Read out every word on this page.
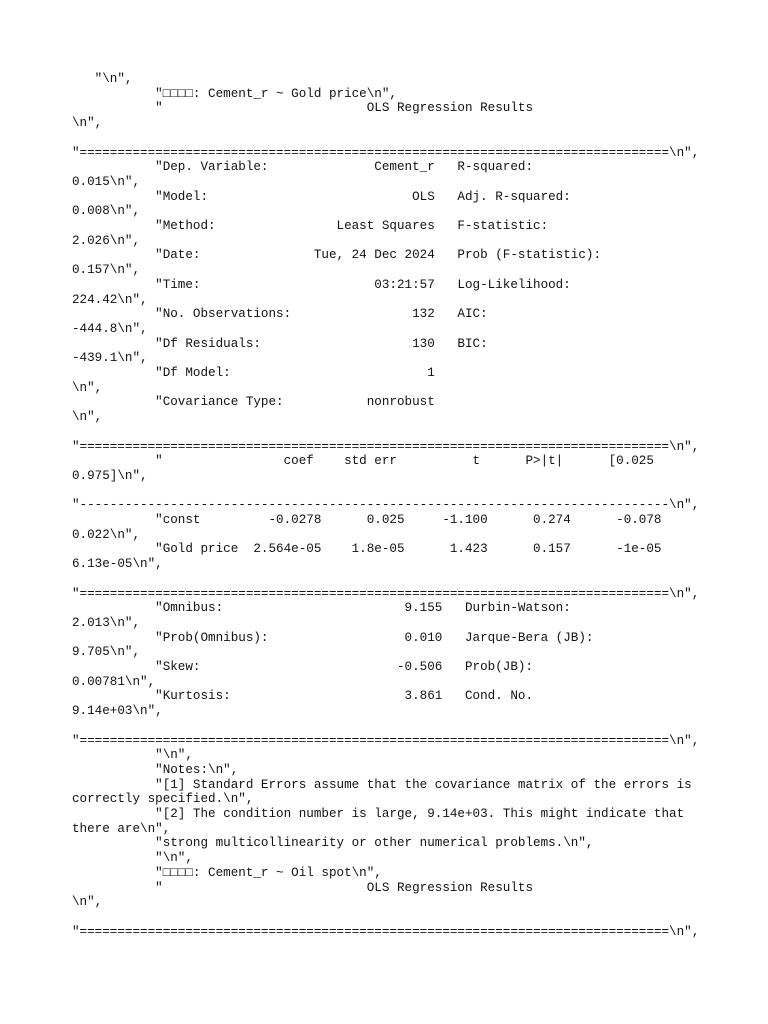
"\n",
"□□□□: Cement_r ~ Gold price\n",
"                           OLS Regression Results
\n",
"==============================================================================\n",
"Dep. Variable:              Cement_r   R-squared:
0.015\n",
"Model:                           OLS   Adj. R-squared:
0.008\n",
"Method:                Least Squares   F-statistic:
2.026\n",
"Date:               Tue, 24 Dec 2024   Prob (F-statistic):
0.157\n",
"Time:                       03:21:57   Log-Likelihood:
224.42\n",
"No. Observations:                132   AIC:
-444.8\n",
"Df Residuals:                    130   BIC:
-439.1\n",
"Df Model:                          1
\n",
"Covariance Type:           nonrobust
\n",
"==============================================================================\n",
"                coef    std err          t      P>|t|      [0.025
0.975]\n",
"------------------------------------------------------------------------------\n",
"const         -0.0278      0.025     -1.100      0.274      -0.078
0.022\n",
"Gold price  2.564e-05    1.8e-05      1.423      0.157      -1e-05
6.13e-05\n",
"==============================================================================\n",
"Omnibus:                        9.155   Durbin-Watson:
2.013\n",
"Prob(Omnibus):                  0.010   Jarque-Bera (JB):
9.705\n",
"Skew:                          -0.506   Prob(JB):
0.00781\n",
"Kurtosis:                       3.861   Cond. No.
9.14e+03\n",
"==============================================================================\n",
"\n",
"Notes:\n",
"[1] Standard Errors assume that the covariance matrix of the errors is
correctly specified.\n",
"[2] The condition number is large, 9.14e+03. This might indicate that
there are\n",
"strong multicollinearity or other numerical problems.\n",
"\n",
"□□□□: Cement_r ~ Oil spot\n",
"                           OLS Regression Results
\n",
"==============================================================================\n",
